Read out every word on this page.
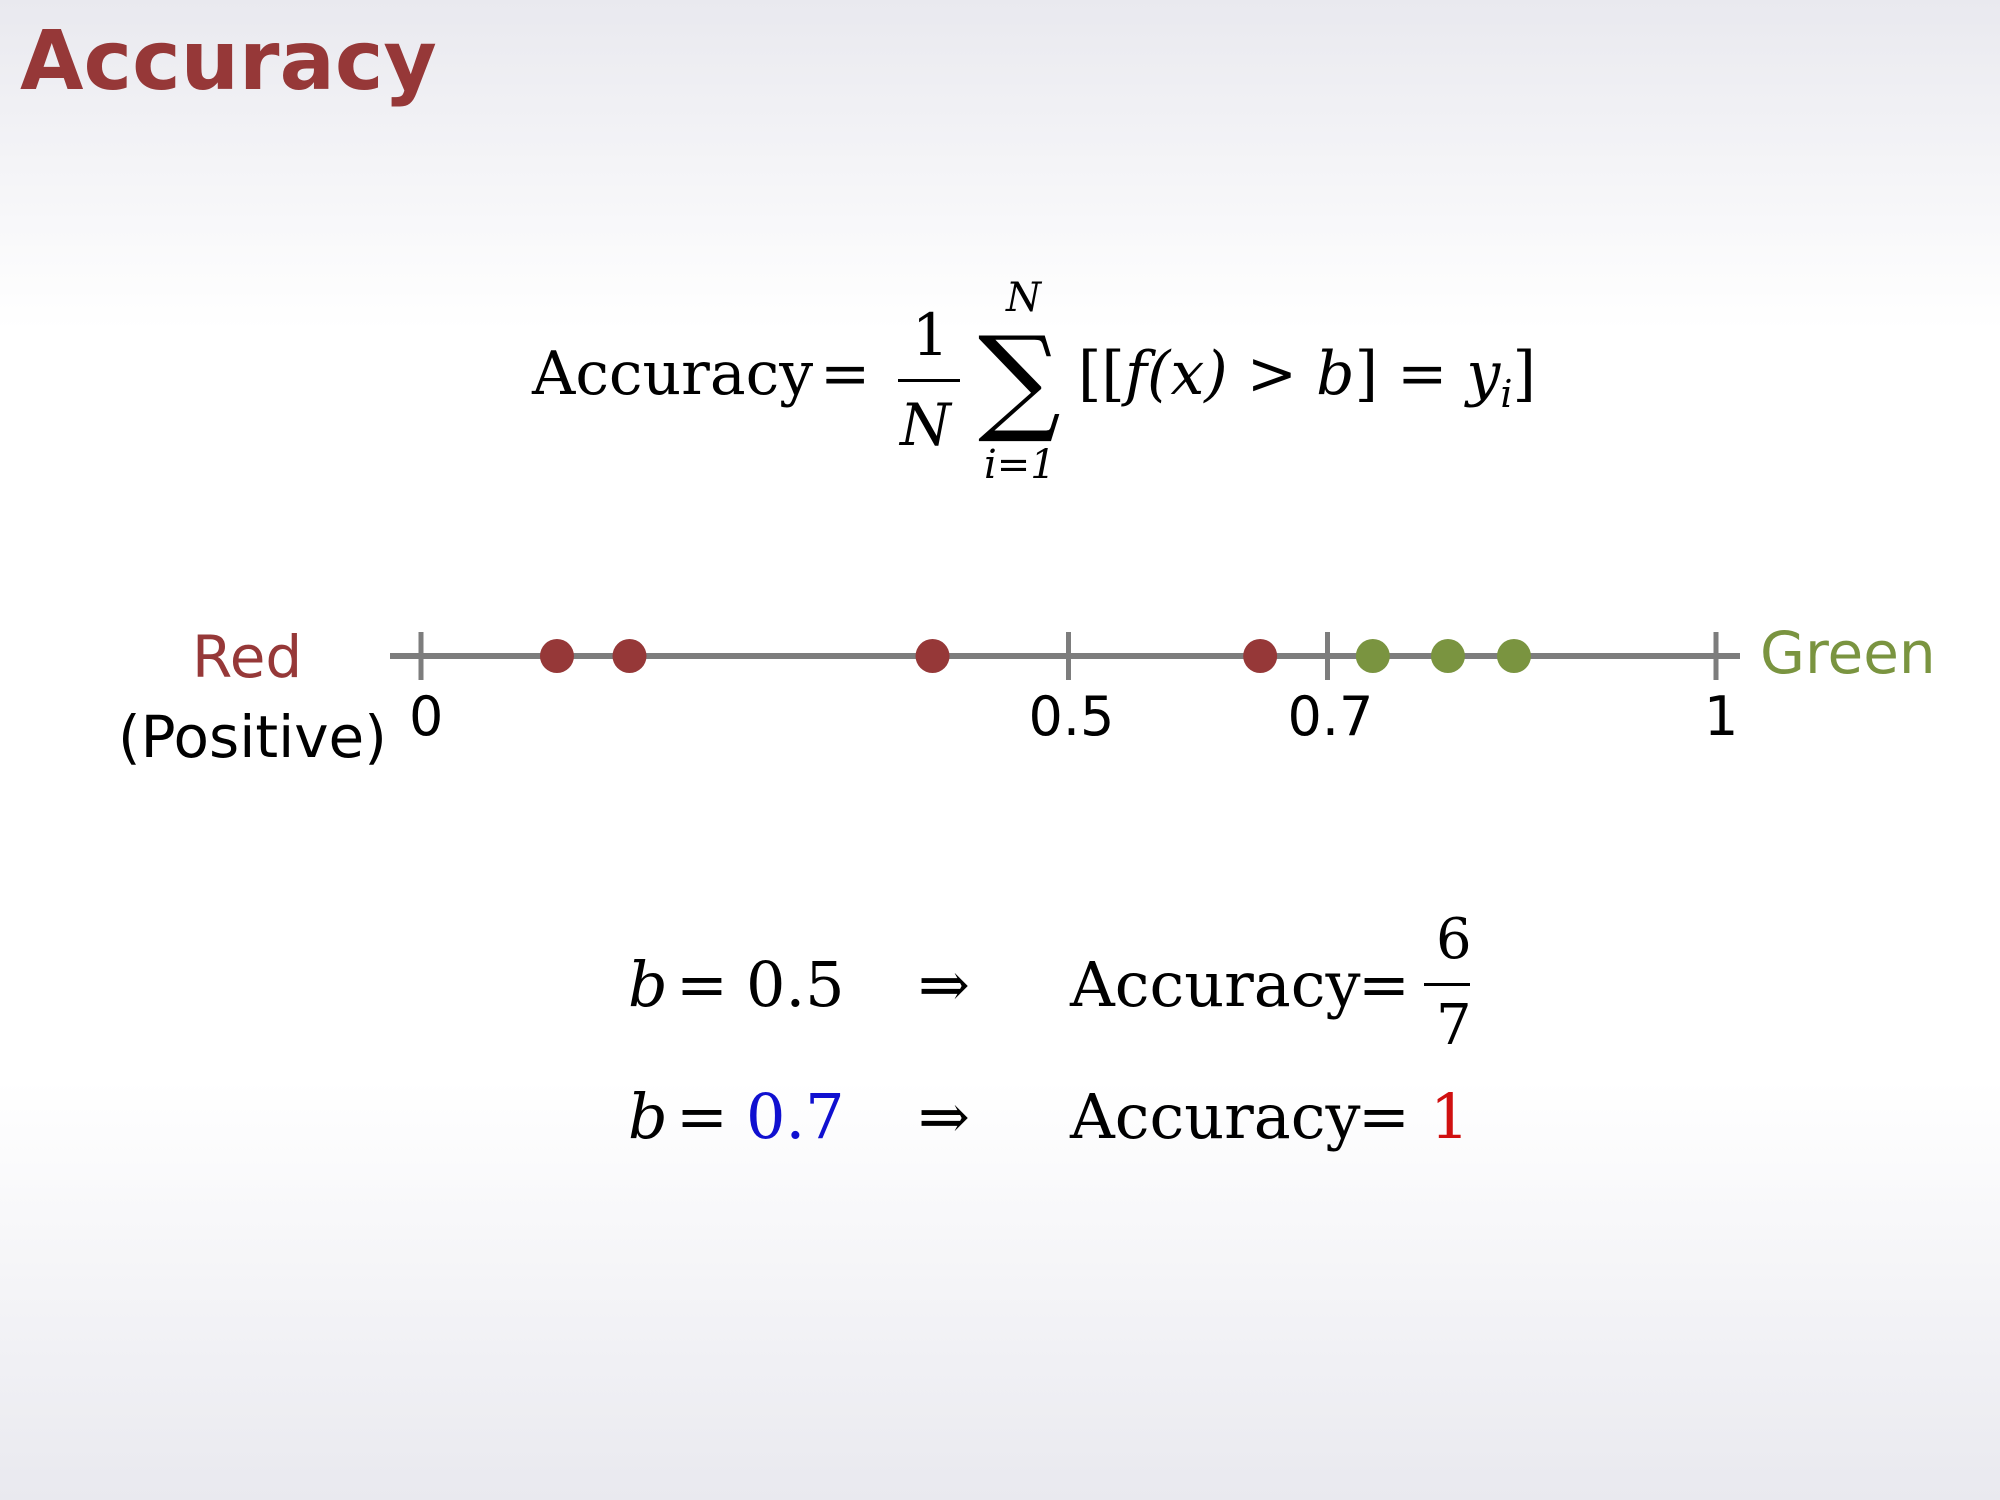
Accuracy
Accuracy =
1
N
N
∑
i=1
$[[f(x) > b] = y_i]$
Red
(Positive)
Green
0	0.5	0.7	1
b = 0.5 ⇒ Accuracy
=
6
7
b = 0.7 ⇒ Accuracy
= 1
